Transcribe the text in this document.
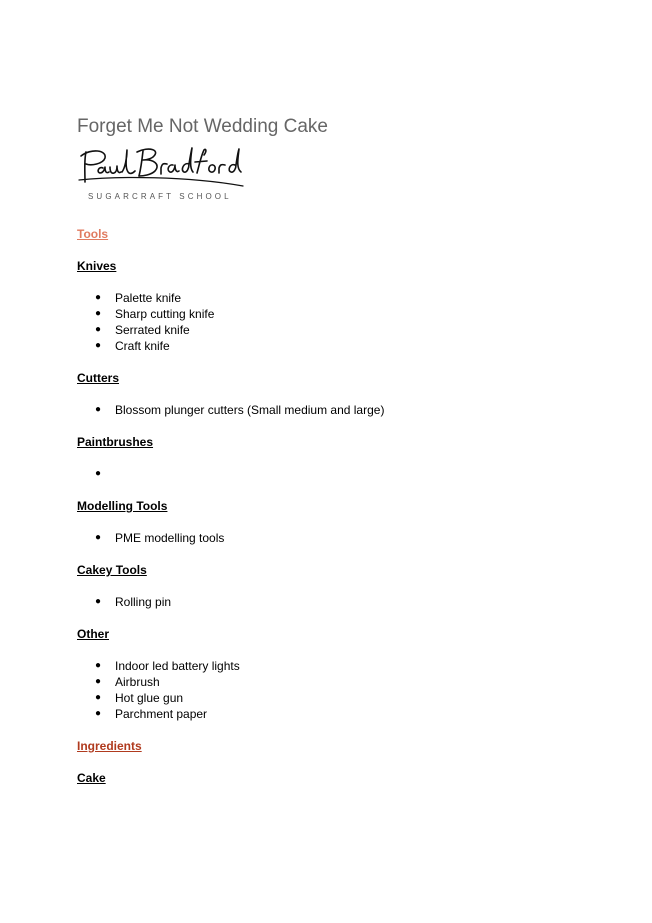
Forget Me Not Wedding Cake
SUGARCRAFT SCHOOL
Tools
Knives
● Palette knife
● Sharp cutting knife
● Serrated knife
● Craft knife
Cutters
● Blossom plunger cutters (Small medium and large)
Paintbrushes
●
Modelling Tools
● PME modelling tools
Cakey Tools
● Rolling pin
Other
● Indoor led battery lights
● Airbrush
● Hot glue gun
● Parchment paper
Ingredients
Cake
